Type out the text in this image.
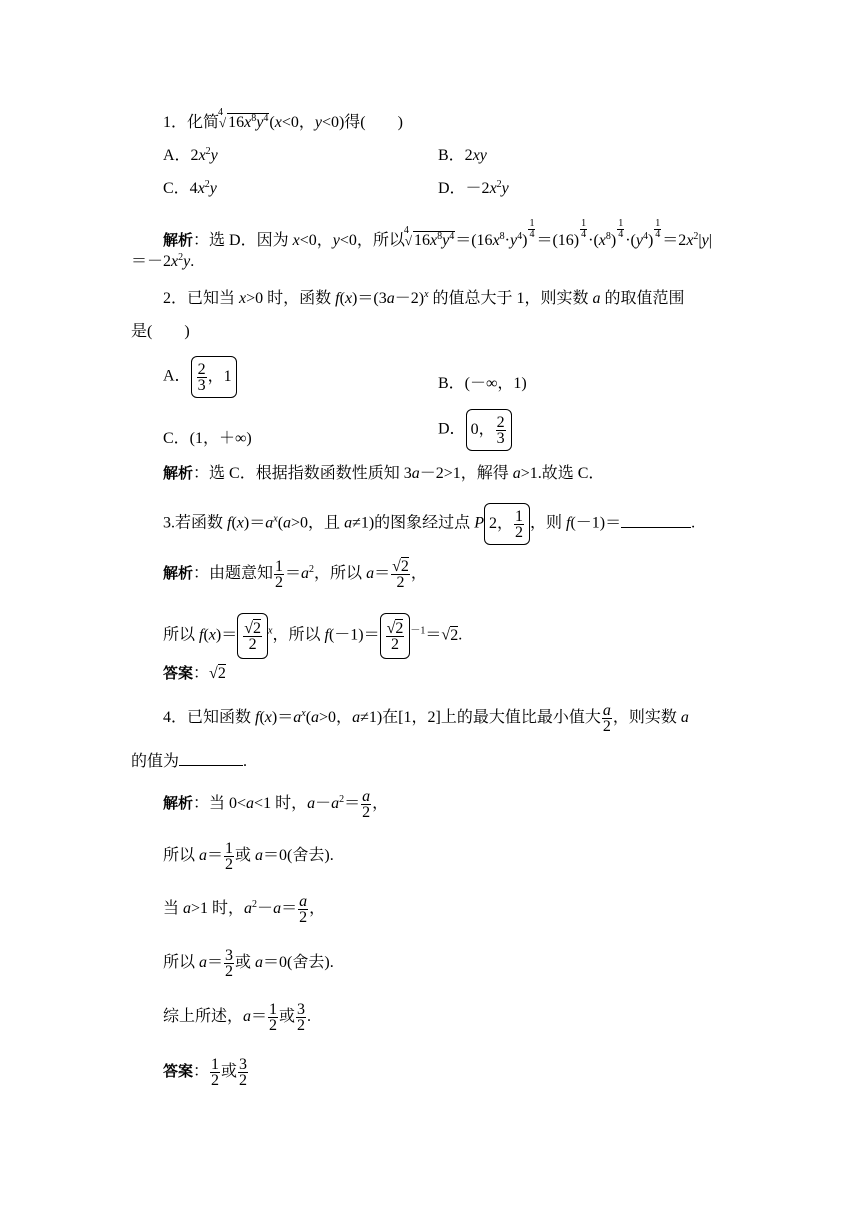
1．化简
4
√ $16x^8y^4(x<0$，y<0)得(　　)
A．$2x^2y$	B．2xy
C．$4x^2y$	D．$-2x^2y$
解析：选 D．因为 x<0，y<0，所以
4
√ $16x^8y^4=(16x^8\cdot y^4)$
$\frac{1}{4}$
＝(16)
$\frac{1}{4}$
$\cdot(x^8)$
$\frac{1}{4}$
$\cdot(y^4)$
$\frac{1}{4}$
$=2x^2|y|$
$=-2x^2y$.
2．已知当 x>0 时，函数 $f(x)=(3a-2)^x$ 的值总大于 1，则实数 a 的取值范围
是(　　)
A． $\frac{2}{3}$ ，1	B．(－∞，1)
C．(1，＋∞)
D． 0， $\frac{2}{3}$
解析：选 C．根据指数函数性质知 3a－2>1，解得 a>1.故选 C．
3.若函数 $f(x)=a^x(a>0$，且 a≠1)的图象经过点 P 2， $\frac{1}{2}$ ，则 f(－1)＝	.
解析：由题意知 $\frac{1}{2} =a^2$，所以 $a= \frac{√2}{2}$ ，
所以 $f(x)= \frac{√2}{2} ^x$，所以 $f(-1)= \frac{√2}{2} ^{-1}=√2$.
答案：√2
4．已知函数 $f(x)=a^x(a>0$，a≠1)在[1，2]上的最大值比最小值大 $\frac{a}{2}$ ，则实数 a
的值为	.
解析：当 0<a<1 时，$a-a^2= \frac{a}{2}$ ，
所以 $a= \frac{1}{2}$ 或 a＝0(舍去).
当 a>1 时，$a^2-a= \frac{a}{2}$ ，
所以 $a= \frac{3}{2}$ 或 a＝0(舍去).
综上所述，$a= \frac{1}{2}$ 或 $\frac{3}{2}$ .
答案： $\frac{1}{2}$ 或 $\frac{3}{2}$
